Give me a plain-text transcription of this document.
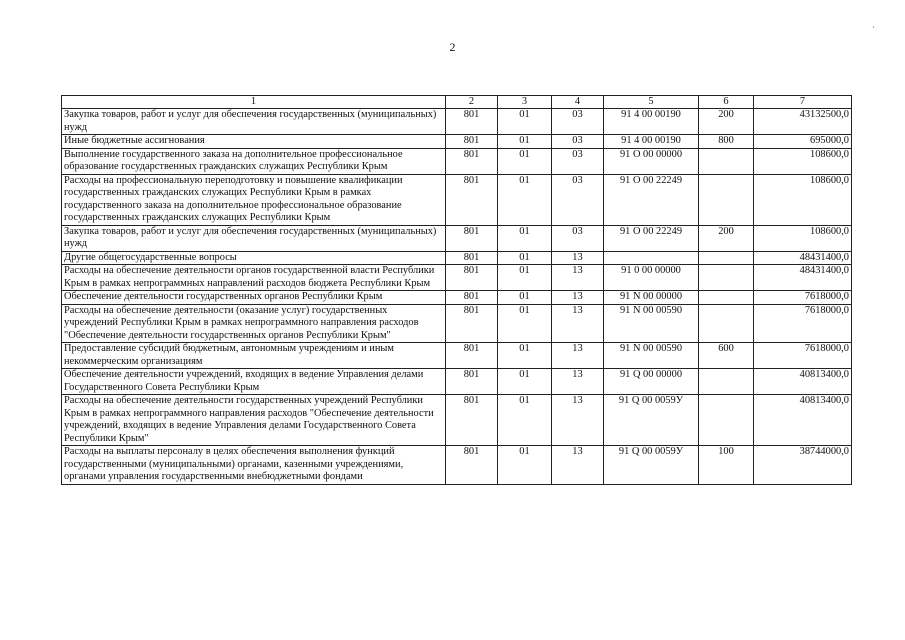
2
·
1	2	3	4	5	6	7
Закупка товаров, работ и услуг для обеспечения государственных (муниципальных) нужд	801	01	03	91 4 00 00190	200	43132500,0
Иные бюджетные ассигнования	801	01	03	91 4 00 00190	800	695000,0
Выполнение государственного заказа на дополнительное профессиональное образование государственных гражданских служащих Республики Крым	801	01	03	91 О 00 00000		108600,0
Расходы на профессиональную переподготовку и повышение квалификации государственных гражданских служащих Республики Крым в рамках государственного заказа на дополнительное профессиональное образование государственных гражданских служащих Республики Крым	801	01	03	91 О 00 22249		108600,0
Закупка товаров, работ и услуг для обеспечения государственных (муниципальных) нужд	801	01	03	91 О 00 22249	200	108600,0
Другие общегосударственные вопросы	801	01	13			48431400,0
Расходы на обеспечение деятельности органов государственной власти Республики Крым в рамках непрограммных направлений расходов бюджета Республики Крым	801	01	13	91 0 00 00000		48431400,0
Обеспечение деятельности государственных органов Республики Крым	801	01	13	91 N 00 00000		7618000,0
Расходы на обеспечение деятельности (оказание услуг) государственных учреждений Республики Крым в рамках непрограммного направления расходов "Обеспечение деятельности государственных органов Республики Крым"	801	01	13	91 N 00 00590		7618000,0
Предоставление субсидий бюджетным, автономным учреждениям и иным некоммерческим организациям	801	01	13	91 N 00 00590	600	7618000,0
Обеспечение деятельности учреждений, входящих в ведение Управления делами Государственного Совета Республики Крым	801	01	13	91 Q 00 00000		40813400,0
Расходы на обеспечение деятельности государственных учреждений Республики Крым в рамках непрограммного направления расходов "Обеспечение деятельности учреждений, входящих в ведение Управления делами Государственного Совета Республики Крым"	801	01	13	91 Q 00 0059У		40813400,0
Расходы на выплаты персоналу в целях обеспечения выполнения функций государственными (муниципальными) органами, казенными учреждениями, органами управления государственными внебюджетными фондами	801	01	13	91 Q 00 0059У	100	38744000,0
